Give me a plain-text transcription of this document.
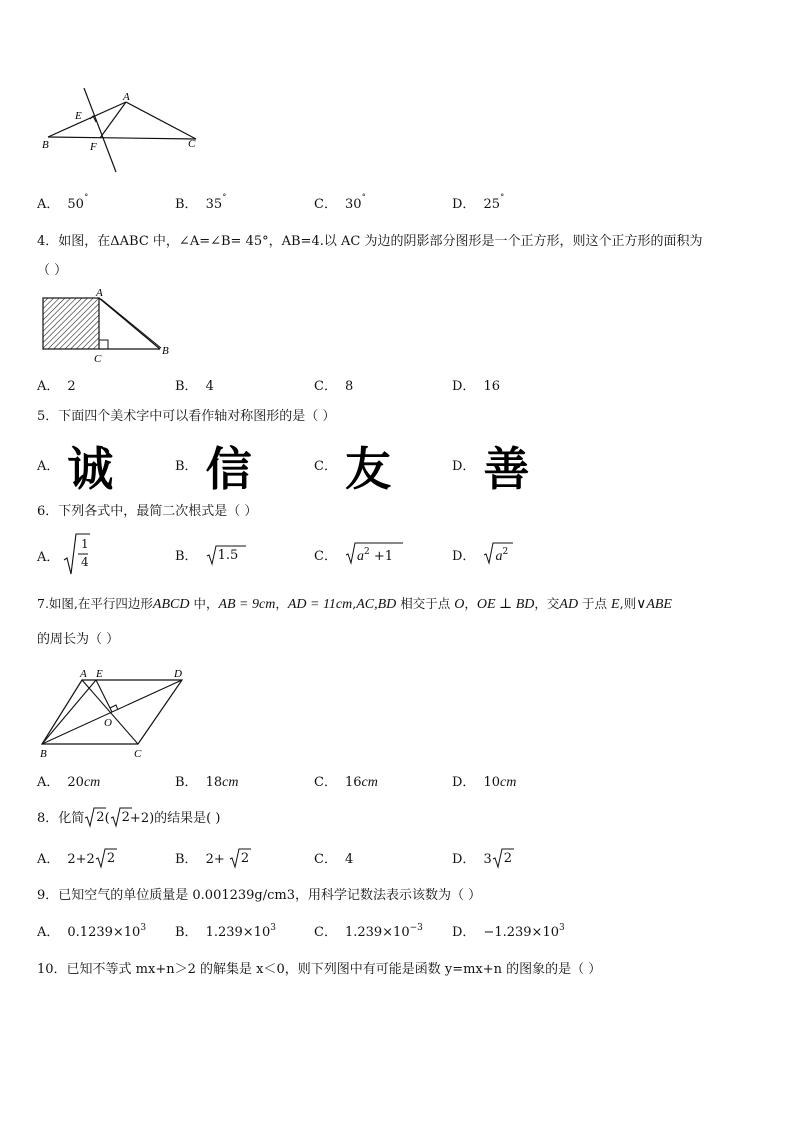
A
E
B	F	C
A． 50˚	B． 35˚	C． 30˚	D． 25˚
4．如图，在ΔABC 中，∠A=∠B= 45°，AB=4.以 AC 为边的阴影部分图形是一个正方形，则这个正方形的面积为
（ ）
A
C
B
A． 2	B． 4	C． 8	D． 16
5．下面四个美术字中可以看作轴对称图形的是（ ）
A． 诚	B． 信	C． 友	D． 善
6．下列各式中，最简二次根式是（ ）
A．
1
4	B． 1.5	C． $a^2 +1$	D． $a^2$
7.如图,在平行四边形ABCD 中，AB = 9cm，AD = 11cm,AC,BD 相交于点 O，OE ⊥ BD，交AD 于点 E,则∨ABE
的周长为（ ）
A E	D
O
B	C
A． 20cm	B． 18cm	C． 16cm	D． 10cm
8．化简 2( 2+2)的结果是( )
A． 2+2 2	B． 2+
2	C． 4	D． 3 2
9．已知空气的单位质量是 0.001239g/cm3，用科学记数法表示该数为（ ）
A． $0.1239\times 10^3$ B． $1.239\times 10^3$	C． $1.239\times 10^{-3}$ D． $-1.239\times 10^3$
10．已知不等式 mx+n＞2 的解集是 x＜0，则下列图中有可能是函数 y=mx+n 的图象的是（ ）
